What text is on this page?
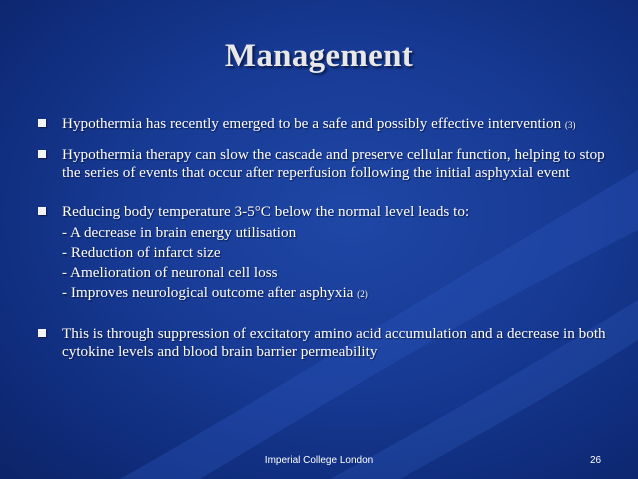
Management
Hypothermia has recently emerged to be a safe and possibly effective intervention (3)
Hypothermia therapy can slow the cascade and preserve cellular function, helping to stop the series of events that occur after reperfusion following the initial asphyxial event
Reducing body temperature 3-5°C below the normal level leads to:
- A decrease in brain energy utilisation
- Reduction of infarct size
- Amelioration of neuronal cell loss
- Improves neurological outcome after asphyxia (2)
This is through suppression of excitatory amino acid accumulation and a decrease in both cytokine levels and blood brain barrier permeability
Imperial College London	26
